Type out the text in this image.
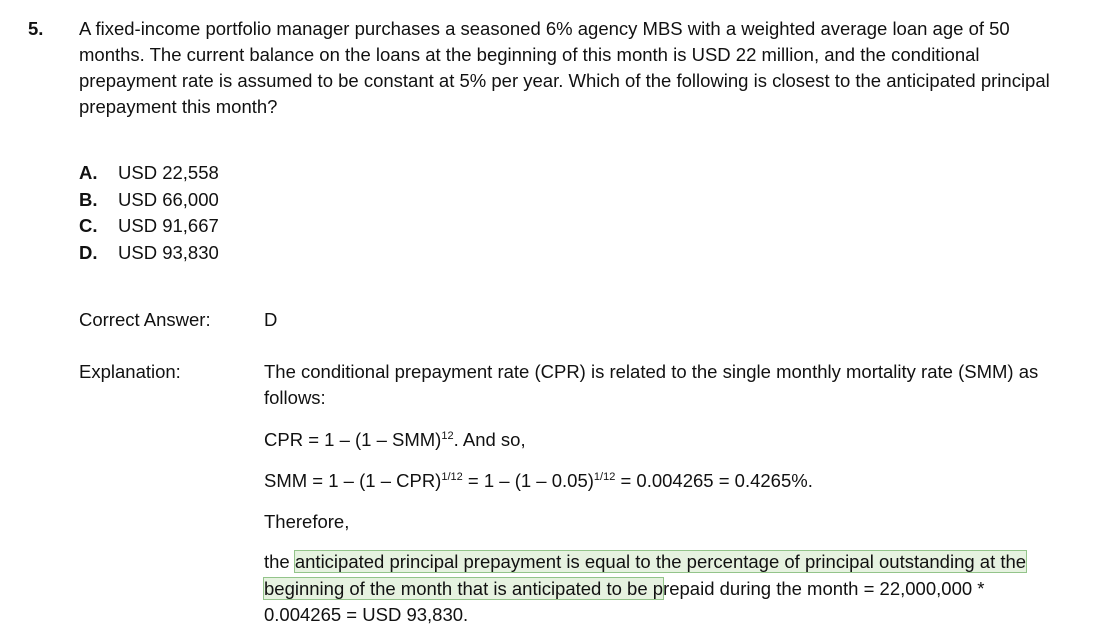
5. A fixed-income portfolio manager purchases a seasoned 6% agency MBS with a weighted average loan age of 50 months. The current balance on the loans at the beginning of this month is USD 22 million, and the conditional prepayment rate is assumed to be constant at 5% per year. Which of the following is closest to the anticipated principal prepayment this month?
A.	USD 22,558
B.	USD 66,000
C.	USD 91,667
D.	USD 93,830
Correct Answer:	D
Explanation:	The conditional prepayment rate (CPR) is related to the single monthly mortality rate (SMM) as follows:

CPR = 1 – (1 – SMM)$^{12}$. And so,

SMM = 1 – (1 – CPR)$^{1/12}$ = 1 – (1 – 0.05)$^{1/12}$ = 0.004265 = 0.4265%.

Therefore,

the anticipated principal prepayment is equal to the percentage of principal outstanding at the beginning of the month that is anticipated to be prepaid during the month = 22,000,000 * 0.004265 = USD 93,830.
